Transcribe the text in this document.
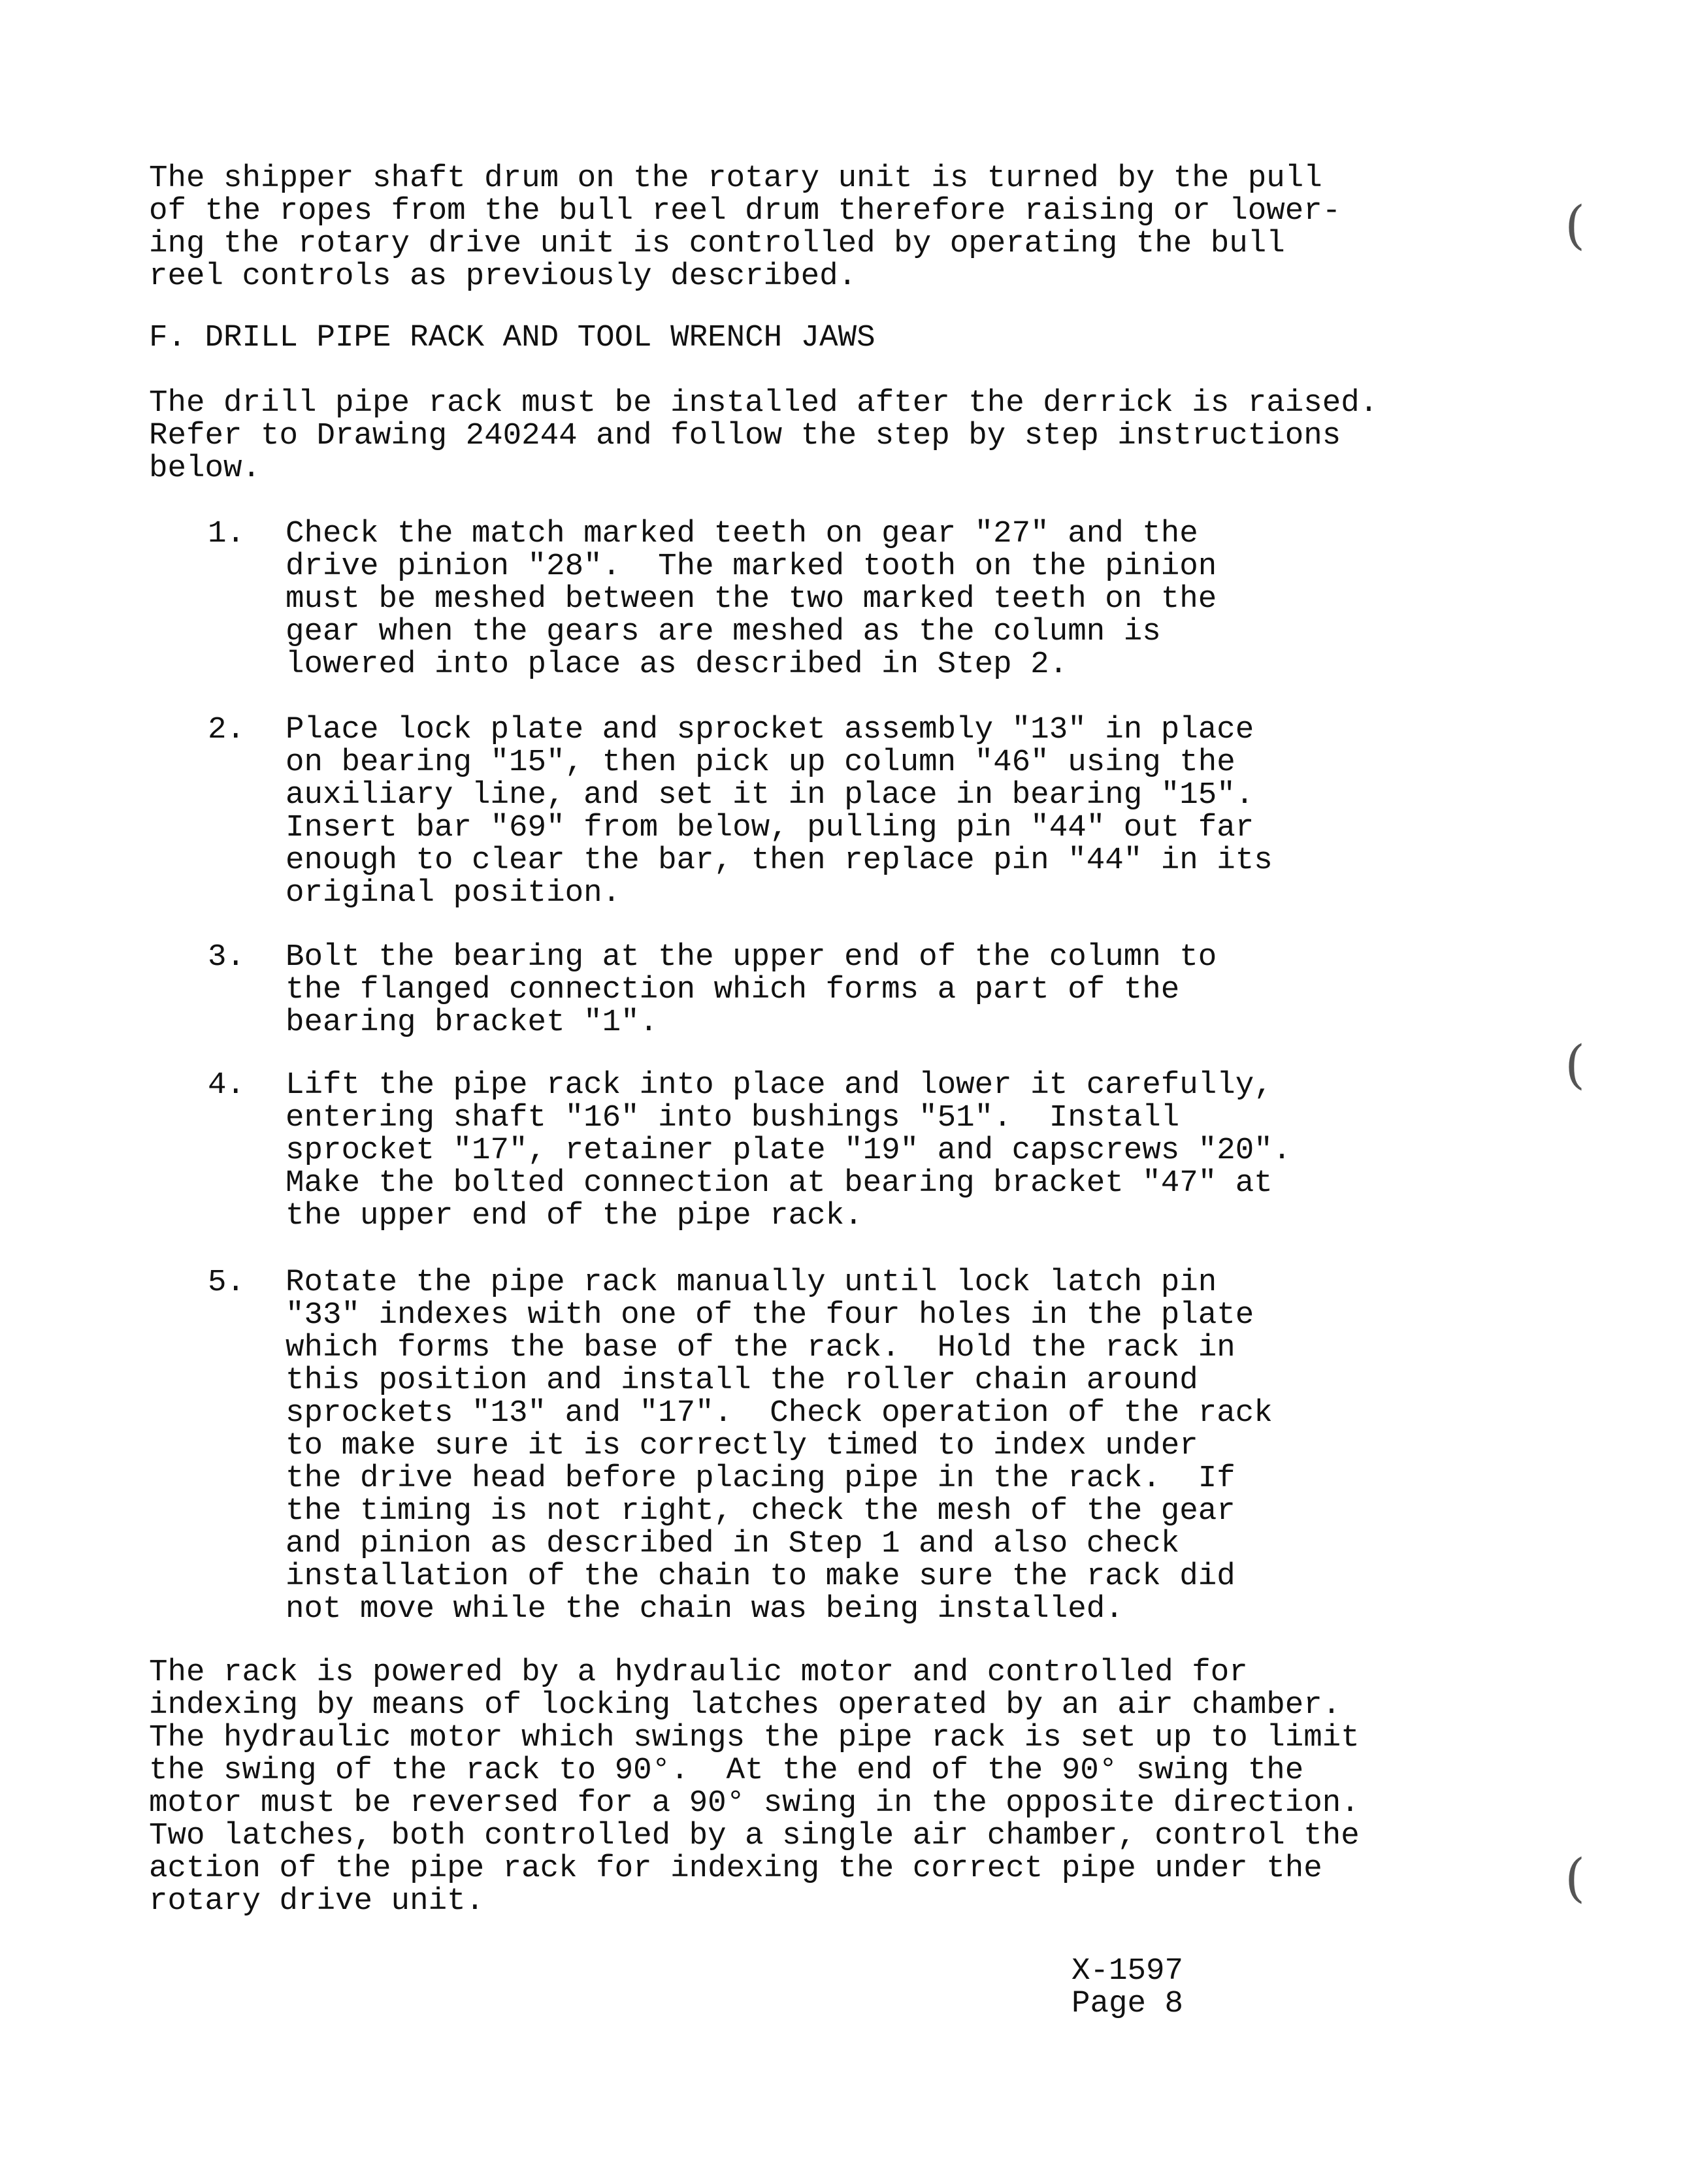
The shipper shaft drum on the rotary unit is turned by the pull
of the ropes from the bull reel drum therefore raising or lower-
ing the rotary drive unit is controlled by operating the bull
reel controls as previously described.

F. DRILL PIPE RACK AND TOOL WRENCH JAWS

The drill pipe rack must be installed after the derrick is raised.
Refer to Drawing 240244 and follow the step by step instructions
below.

1. Check the match marked teeth on gear "27" and the
drive pinion "28".  The marked tooth on the pinion
must be meshed between the two marked teeth on the
gear when the gears are meshed as the column is
lowered into place as described in Step 2.

2. Place lock plate and sprocket assembly "13" in place
on bearing "15", then pick up column "46" using the
auxiliary line, and set it in place in bearing "15".
Insert bar "69" from below, pulling pin "44" out far
enough to clear the bar, then replace pin "44" in its
original position.

3. Bolt the bearing at the upper end of the column to
the flanged connection which forms a part of the
bearing bracket "1".

4. Lift the pipe rack into place and lower it carefully,
entering shaft "16" into bushings "51".  Install
sprocket "17", retainer plate "19" and capscrews "20".
Make the bolted connection at bearing bracket "47" at
the upper end of the pipe rack.

5. Rotate the pipe rack manually until lock latch pin
"33" indexes with one of the four holes in the plate
which forms the base of the rack.  Hold the rack in
this position and install the roller chain around
sprockets "13" and "17".  Check operation of the rack
to make sure it is correctly timed to index under
the drive head before placing pipe in the rack.  If
the timing is not right, check the mesh of the gear
and pinion as described in Step 1 and also check
installation of the chain to make sure the rack did
not move while the chain was being installed.

The rack is powered by a hydraulic motor and controlled for
indexing by means of locking latches operated by an air chamber.
The hydraulic motor which swings the pipe rack is set up to limit
the swing of the rack to 90°.  At the end of the 90° swing the
motor must be reversed for a 90° swing in the opposite direction.
Two latches, both controlled by a single air chamber, control the
action of the pipe rack for indexing the correct pipe under the
rotary drive unit.

X-1597
Page 8
(
(
(
